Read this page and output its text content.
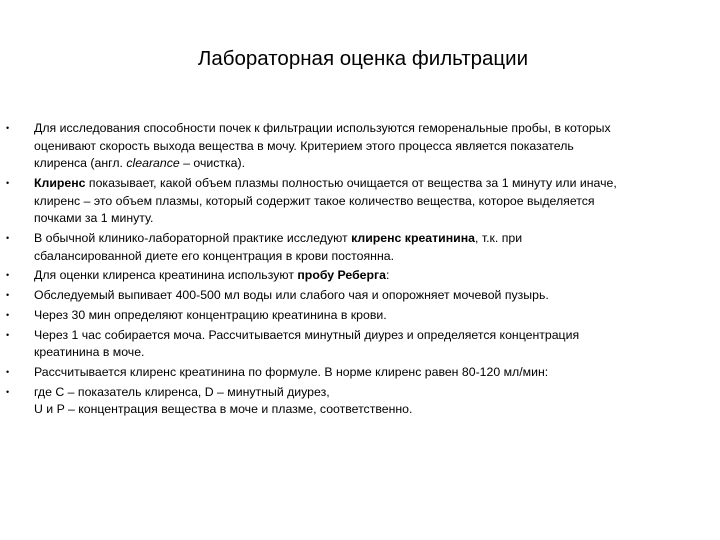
Лабораторная оценка фильтрации
• Для исследования способности почек к фильтрации используются геморенальные пробы, в которых
оценивают скорость выхода вещества в мочу. Критерием этого процесса является показатель
клиренса (англ. clearance – очистка).
• Клиренс показывает, какой объем плазмы полностью очищается от вещества за 1 минуту или иначе,
клиренс – это объем плазмы, который содержит такое количество вещества, которое выделяется
почками за 1 минуту.
• В обычной клинико-лабораторной практике исследуют клиренс креатинина, т.к. при
сбалансированной диете его концентрация в крови постоянна.
• Для оценки клиренса креатинина используют пробу Реберга:
• Обследуемый выпивает 400-500 мл воды или слабого чая и опорожняет мочевой пузырь.
• Через 30 мин определяют концентрацию креатинина в крови.
• Через 1 час собирается моча. Рассчитывается минутный диурез и определяется концентрация
креатинина в моче.
• Рассчитывается клиренс креатинина по формуле. В норме клиренс равен 80-120 мл/мин:
• где С – показатель клиренса, D – минутный диурез,
U и P – концентрация вещества в моче и плазме, соответственно.
